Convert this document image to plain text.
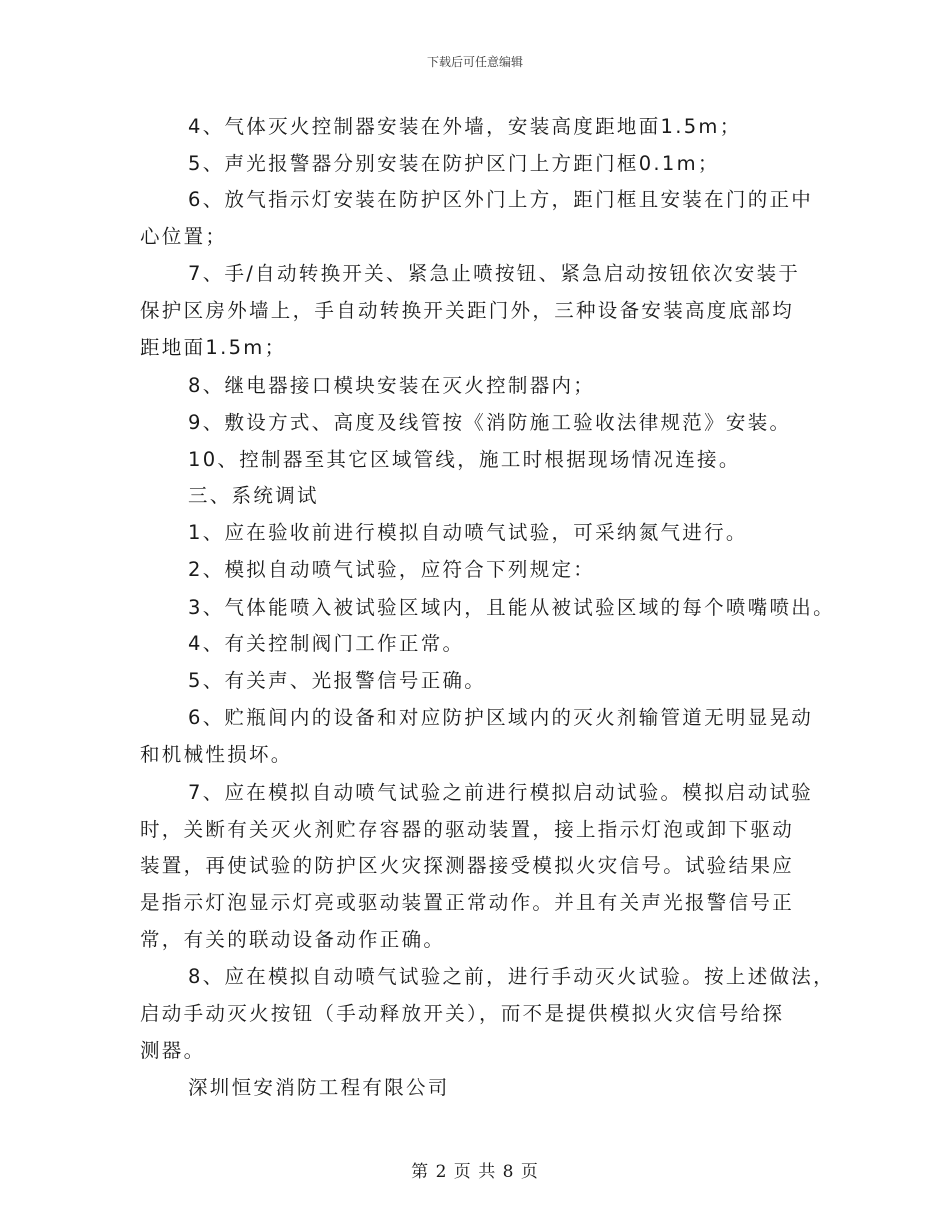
下载后可任意编辑
4、气体灭火控制器安装在外墙，安装高度距地面1.5m；
5、声光报警器分别安装在防护区门上方距门框0.1m；
6、放气指示灯安装在防护区外门上方，距门框且安装在门的正中
心位置；
7、手/自动转换开关、紧急止喷按钮、紧急启动按钮依次安装于
保护区房外墙上，手自动转换开关距门外，三种设备安装高度底部均
距地面1.5m；
8、继电器接口模块安装在灭火控制器内；
9、敷设方式、高度及线管按《消防施工验收法律规范》安装。
10、控制器至其它区域管线，施工时根据现场情况连接。
三、系统调试
1、应在验收前进行模拟自动喷气试验，可采纳氮气进行。
2、模拟自动喷气试验，应符合下列规定：
3、气体能喷入被试验区域内，且能从被试验区域的每个喷嘴喷出。
4、有关控制阀门工作正常。
5、有关声、光报警信号正确。
6、贮瓶间内的设备和对应防护区域内的灭火剂输管道无明显晃动
和机械性损坏。
7、应在模拟自动喷气试验之前进行模拟启动试验。模拟启动试验
时，关断有关灭火剂贮存容器的驱动装置，接上指示灯泡或卸下驱动
装置，再使试验的防护区火灾探测器接受模拟火灾信号。试验结果应
是指示灯泡显示灯亮或驱动装置正常动作。并且有关声光报警信号正
常，有关的联动设备动作正确。
8、应在模拟自动喷气试验之前，进行手动灭火试验。按上述做法，
启动手动灭火按钮（手动释放开关），而不是提供模拟火灾信号给探
测器。
深圳恒安消防工程有限公司
第 2 页 共 8 页
